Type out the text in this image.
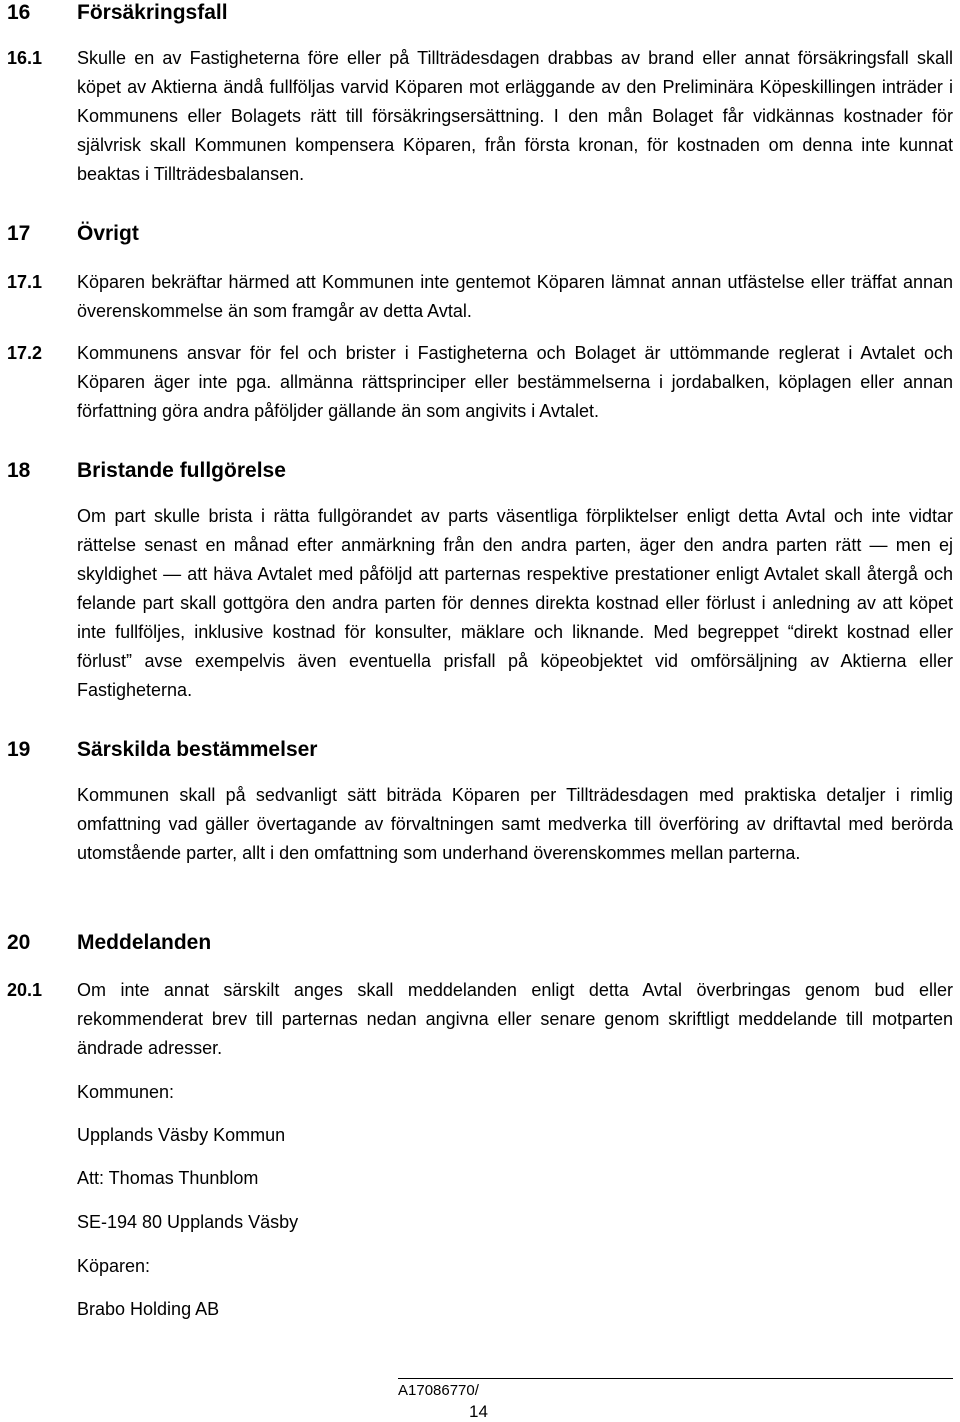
16 Försäkringsfall
16.1 Skulle en av Fastigheterna före eller på Tillträdesdagen drabbas av brand eller annat försäkringsfall skall köpet av Aktierna ändå fullföljas varvid Köparen mot erläggande av den Preliminära Köpeskillingen inträder i Kommunens eller Bolagets rätt till försäkringsersättning. I den mån Bolaget får vidkännas kostnader för självrisk skall Kommunen kompensera Köparen, från första kronan, för kostnaden om denna inte kunnat beaktas i Tillträdesbalansen.
17 Övrigt
17.1 Köparen bekräftar härmed att Kommunen inte gentemot Köparen lämnat annan utfästelse eller träffat annan överenskommelse än som framgår av detta Avtal.
17.2 Kommunens ansvar för fel och brister i Fastigheterna och Bolaget är uttömmande reglerat i Avtalet och Köparen äger inte pga. allmänna rättsprinciper eller bestämmelserna i jordabalken, köplagen eller annan författning göra andra påföljder gällande än som angivits i Avtalet.
18 Bristande fullgörelse
Om part skulle brista i rätta fullgörandet av parts väsentliga förpliktelser enligt detta Avtal och inte vidtar rättelse senast en månad efter anmärkning från den andra parten, äger den andra parten rätt — men ej skyldighet — att häva Avtalet med påföljd att parternas respektive prestationer enligt Avtalet skall återgå och felande part skall gottgöra den andra parten för dennes direkta kostnad eller förlust i anledning av att köpet inte fullföljes, inklusive kostnad för konsulter, mäklare och liknande. Med begreppet “direkt kostnad eller förlust” avse exempelvis även eventuella prisfall på köpeobjektet vid omförsäljning av Aktierna eller Fastigheterna.
19 Särskilda bestämmelser
Kommunen skall på sedvanligt sätt biträda Köparen per Tillträdesdagen med praktiska detaljer i rimlig omfattning vad gäller övertagande av förvaltningen samt medverka till överföring av driftavtal med berörda utomstående parter, allt i den omfattning som underhand överenskommes mellan parterna.
20 Meddelanden
20.1 Om inte annat särskilt anges skall meddelanden enligt detta Avtal överbringas genom bud eller rekommenderat brev till parternas nedan angivna eller senare genom skriftligt meddelande till motparten ändrade adresser.
Kommunen:
Upplands Väsby Kommun
Att: Thomas Thunblom
SE-194 80 Upplands Väsby
Köparen:
Brabo Holding AB
A17086770/
14
